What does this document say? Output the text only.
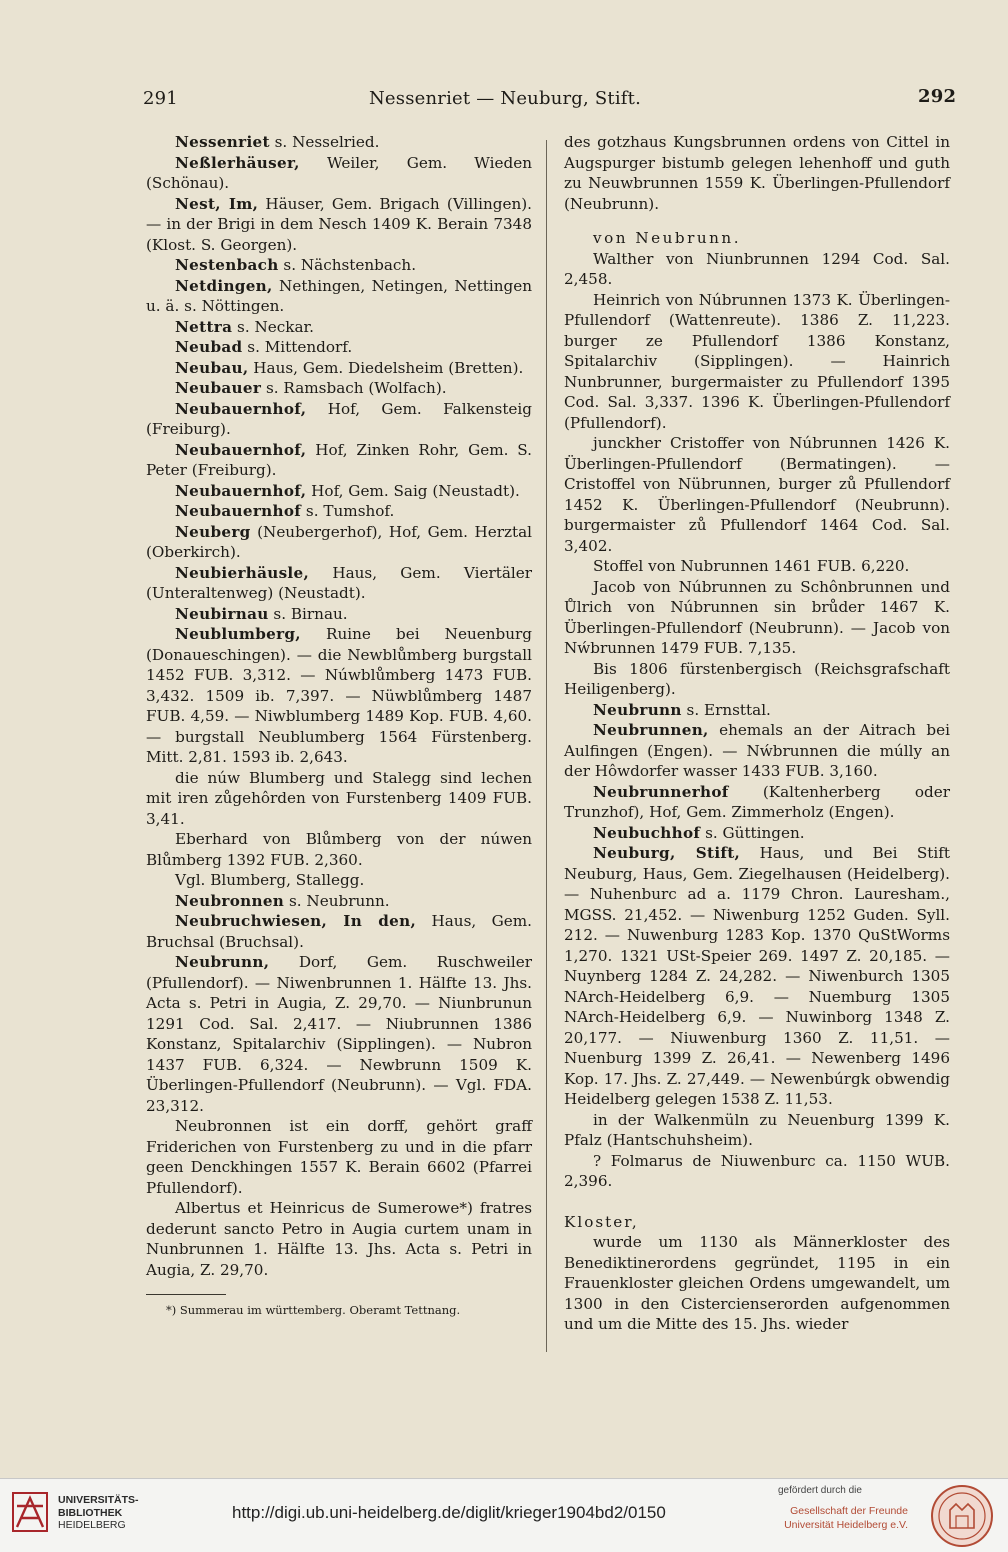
291	Nessenriet — Neuburg, Stift.	292

Nessenriet s. Nesselried.

Neßlerhäuser, Weiler, Gem. Wieden (Schönau).

Nest, Im, Häuser, Gem. Brigach (Villingen). — in der Brigi in dem Nesch 1409 K. Berain 7348 (Klost. S. Georgen).

Nestenbach s. Nächstenbach.

Netdingen, Nethingen, Netingen, Nettingen u. ä. s. Nöttingen.

Nettra s. Neckar.

Neubad s. Mittendorf.

Neubau, Haus, Gem. Diedelsheim (Bretten).

Neubauer s. Ramsbach (Wolfach).

Neubauernhof, Hof, Gem. Falkensteig (Freiburg).

Neubauernhof, Hof, Zinken Rohr, Gem. S. Peter (Freiburg).

Neubauernhof, Hof, Gem. Saig (Neustadt).

Neubauernhof s. Tumshof.

Neuberg (Neubergerhof), Hof, Gem. Herztal (Oberkirch).

Neubierhäusle, Haus, Gem. Viertäler (Unteraltenweg) (Neustadt).

Neubirnau s. Birnau.

Neublumberg, Ruine bei Neuenburg (Donaueschingen). — die Newblůmberg burgstall 1452 FUB. 3,312. — Núwblůmberg 1473 FUB. 3,432. 1509 ib. 7,397. — Nüwblůmberg 1487 FUB. 4,59. — Niwblumberg 1489 Kop. FUB. 4,60. — burgstall Neublumberg 1564 Fürstenberg. Mitt. 2,81. 1593 ib. 2,643.

die núw Blumberg und Stalegg sind lechen mit iren zůgehôrden von Furstenberg 1409 FUB. 3,41.

Eberhard von Blůmberg von der núwen Blůmberg 1392 FUB. 2,360.

Vgl. Blumberg, Stallegg.

Neubronnen s. Neubrunn.

Neubruchwiesen, In den, Haus, Gem. Bruchsal (Bruchsal).

Neubrunn, Dorf, Gem. Ruschweiler (Pfullendorf). — Niwenbrunnen 1. Hälfte 13. Jhs. Acta s. Petri in Augia, Z. 29,70. — Niunbrunun 1291 Cod. Sal. 2,417. — Niubrunnen 1386 Konstanz, Spitalarchiv (Sipplingen). — Nubron 1437 FUB. 6,324. — Newbrunn 1509 K. Überlingen-Pfullendorf (Neubrunn). — Vgl. FDA. 23,312.

Neubronnen ist ein dorff, gehört graff Friderichen von Furstenberg zu und in die pfarr geen Denckhingen 1557 K. Berain 6602 (Pfarrei Pfullendorf).

Albertus et Heinricus de Sumerowe*) fratres dederunt sancto Petro in Augia curtem unam in Nunbrunnen 1. Hälfte 13. Jhs. Acta s. Petri in Augia, Z. 29,70.

*) Summerau im württemberg. Oberamt Tettnang.

des gotzhaus Kungsbrunnen ordens von Cittel in Augspurger bistumb gelegen lehenhoff und guth zu Neuwbrunnen 1559 K. Überlingen-Pfullendorf (Neubrunn).

von Neubrunn.

Walther von Niunbrunnen 1294 Cod. Sal. 2,458.

Heinrich von Núbrunnen 1373 K. Überlingen-Pfullendorf (Wattenreute). 1386 Z. 11,223. burger ze Pfullendorf 1386 Konstanz, Spitalarchiv (Sipplingen). — Hainrich Nunbrunner, burgermaister zu Pfullendorf 1395 Cod. Sal. 3,337. 1396 K. Überlingen-Pfullendorf (Pfullendorf).

junckher Cristoffer von Núbrunnen 1426 K. Überlingen-Pfullendorf (Bermatingen). — Cristoffel von Nübrunnen, burger zů Pfullendorf 1452 K. Überlingen-Pfullendorf (Neubrunn). burgermaister zů Pfullendorf 1464 Cod. Sal. 3,402.

Stoffel von Nubrunnen 1461 FUB. 6,220.

Jacob von Núbrunnen zu Schônbrunnen und Ůlrich von Núbrunnen sin brůder 1467 K. Überlingen-Pfullendorf (Neubrunn). — Jacob von Nẃbrunnen 1479 FUB. 7,135.

Bis 1806 fürstenbergisch (Reichsgrafschaft Heiligenberg).

Neubrunn s. Ernsttal.

Neubrunnen, ehemals an der Aitrach bei Aulfingen (Engen). — Nẃbrunnen die múlly an der Hôwdorfer wasser 1433 FUB. 3,160.

Neubrunnerhof (Kaltenherberg oder Trunzhof), Hof, Gem. Zimmerholz (Engen).

Neubuchhof s. Güttingen.

Neuburg, Stift, Haus, und Bei Stift Neuburg, Haus, Gem. Ziegelhausen (Heidelberg). — Nuhenburc ad a. 1179 Chron. Lauresham., MGSS. 21,452. — Niwenburg 1252 Guden. Syll. 212. — Nuwenburg 1283 Kop. 1370 QuStWorms 1,270. 1321 USt-Speier 269. 1497 Z. 20,185. — Nuynberg 1284 Z. 24,282. — Niwenburch 1305 NArch-Heidelberg 6,9. — Nuemburg 1305 NArch-Heidelberg 6,9. — Nuwinborg 1348 Z. 20,177. — Niuwenburg 1360 Z. 11,51. — Nuenburg 1399 Z. 26,41. — Newenberg 1496 Kop. 17. Jhs. Z. 27,449. — Newenbúrgk obwendig Heidelberg gelegen 1538 Z. 11,53.

in der Walkenmüln zu Neuenburg 1399 K. Pfalz (Hantschuhsheim).

? Folmarus de Niuwenburc ca. 1150 WUB. 2,396.

Kloster,

wurde um 1130 als Männerkloster des Benediktinerordens gegründet, 1195 in ein Frauenkloster gleichen Ordens umgewandelt, um 1300 in den Cistercienserorden aufgenommen und um die Mitte des 15. Jhs. wieder

UNIVERSITÄTS-
BIBLIOTHEK
HEIDELBERG
http://digi.ub.uni-heidelberg.de/diglit/krieger1904bd2/0150
gefördert durch die
Gesellschaft der Freunde
Universität Heidelberg e.V.
